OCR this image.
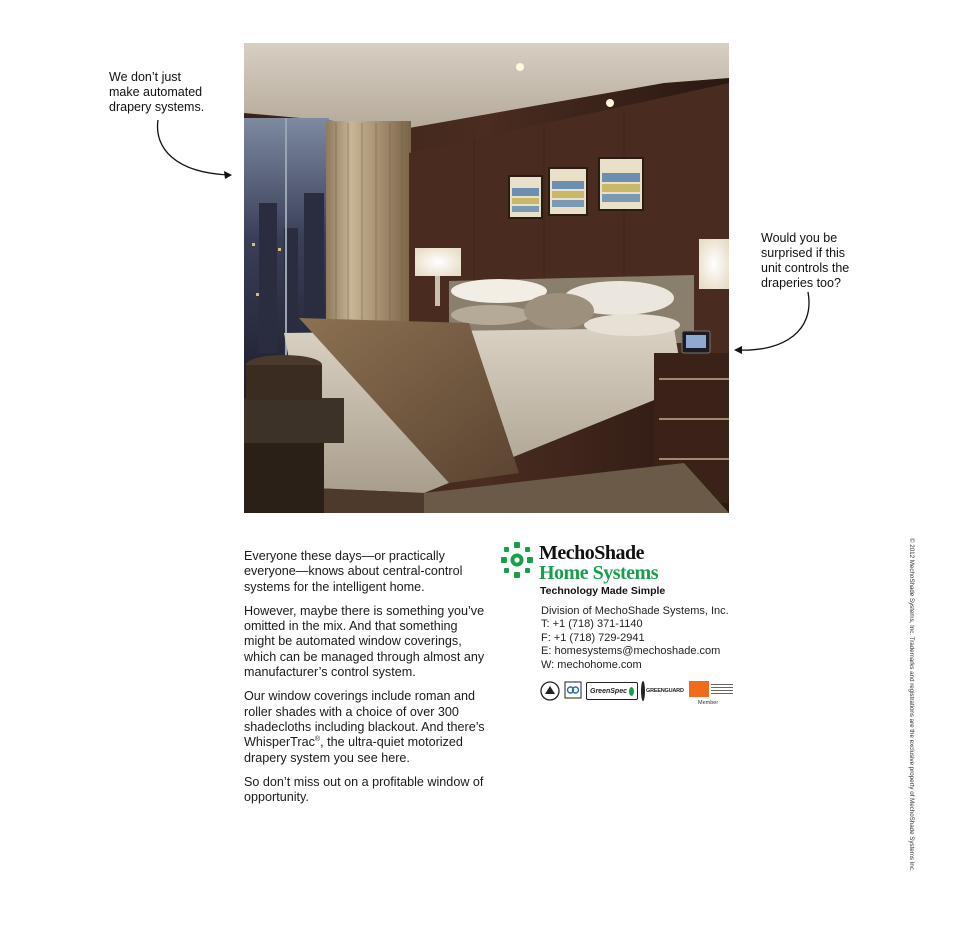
We don’t just
make automated
drapery systems.

Would you be
surprised if this
unit controls the
draperies too?

Everyone these days—or practically everyone—knows about central-control systems for the intelligent home.

However, maybe there is something you’ve omitted in the mix. And that something might be automated window coverings, which can be managed through almost any manufacturer’s control system.

Our window coverings include roman and roller shades with a choice of over 300 shadecloths including blackout. And there’s WhisperTrac®, the ultra-quiet motorized drapery system you see here.

So don’t miss out on a profitable window of opportunity.

MechoShade
Home Systems
Technology Made Simple
Division of MechoShade Systems, Inc.
T: +1 (718) 371-1140
F: +1 (718) 729-2941
E: homesystems@mechoshade.com
W: mechohome.com
GreenSpec	GREENGUARD
Member	© 2012 MechoShade Systems, Inc. Trademarks and registrations are the exclusive property of MechoShade Systems Inc.
